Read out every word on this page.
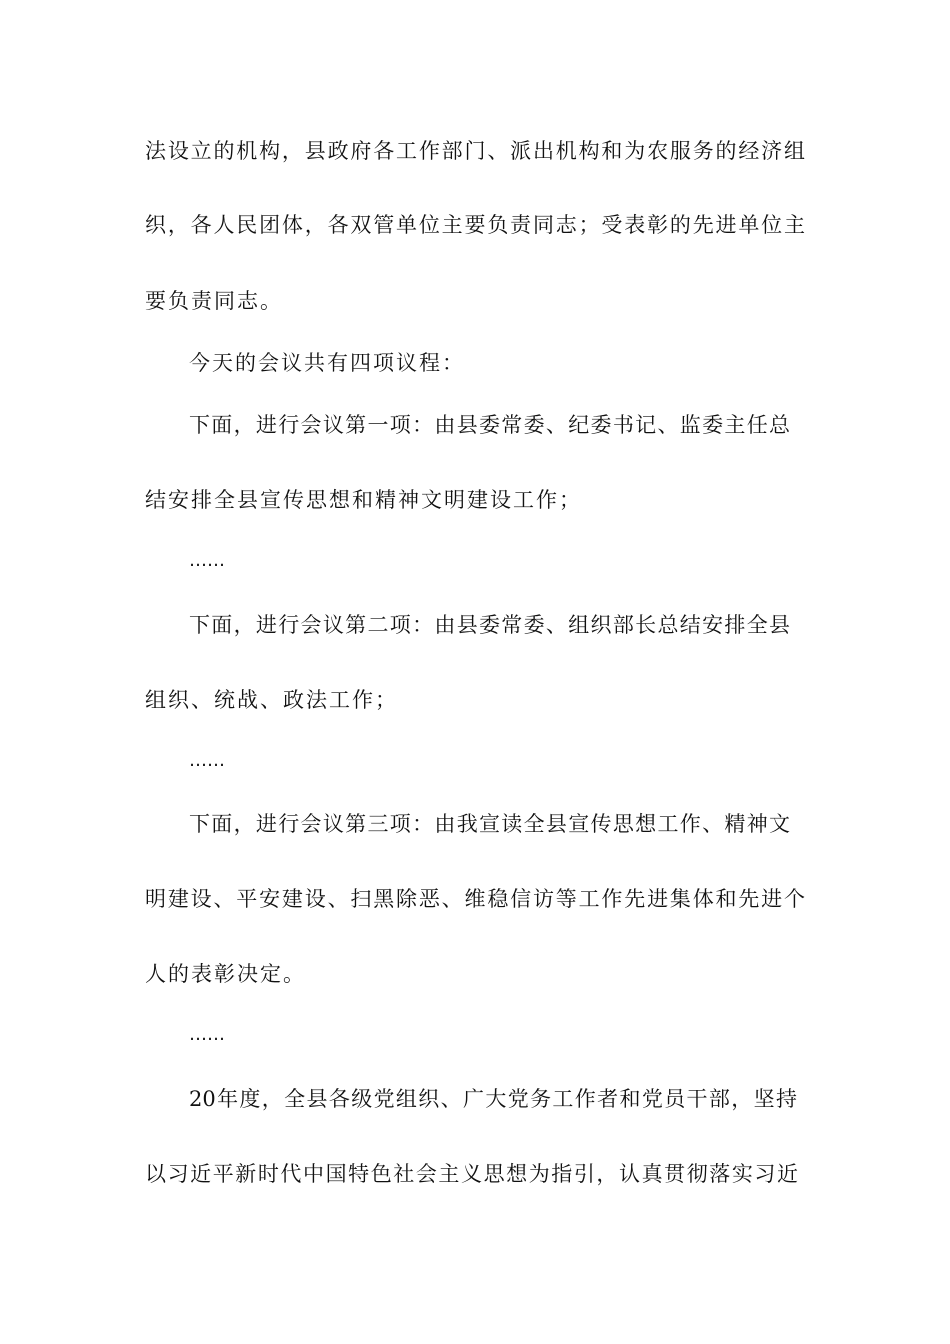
法设立的机构，县政府各工作部门、派出机构和为农服务的经济组
织，各人民团体，各双管单位主要负责同志；受表彰的先进单位主
要负责同志。
今天的会议共有四项议程：
下面，进行会议第一项：由县委常委、纪委书记、监委主任总
结安排全县宣传思想和精神文明建设工作；
……
下面，进行会议第二项：由县委常委、组织部长总结安排全县
组织、统战、政法工作；
……
下面，进行会议第三项：由我宣读全县宣传思想工作、精神文
明建设、平安建设、扫黑除恶、维稳信访等工作先进集体和先进个
人的表彰决定。
……
20年度，全县各级党组织、广大党务工作者和党员干部，坚持
以习近平新时代中国特色社会主义思想为指引，认真贯彻落实习近
